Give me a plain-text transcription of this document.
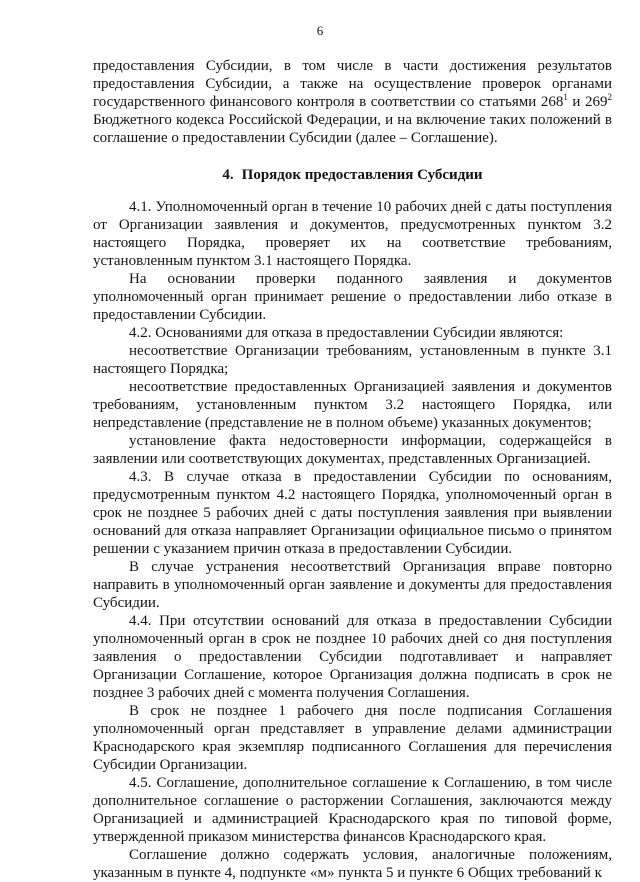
6

предоставления Субсидии, в том числе в части достижения результатов предоставления Субсидии, а также на осуществление проверок органами государственного финансового контроля в соответствии со статьями $268^1$ и $269^2$ Бюджетного кодекса Российской Федерации, и на включение таких положений в соглашение о предоставлении Субсидии (далее – Соглашение).

4. Порядок предоставления Субсидии

4.1. Уполномоченный орган в течение 10 рабочих дней с даты поступления от Организации заявления и документов, предусмотренных пунктом 3.2 настоящего Порядка, проверяет их на соответствие требованиям, установленным пунктом 3.1 настоящего Порядка.

На основании проверки поданного заявления и документов уполномоченный орган принимает решение о предоставлении либо отказе в предоставлении Субсидии.

4.2. Основаниями для отказа в предоставлении Субсидии являются:

несоответствие Организации требованиям, установленным в пункте 3.1 настоящего Порядка;

несоответствие предоставленных Организацией заявления и документов требованиям, установленным пунктом 3.2 настоящего Порядка, или непредставление (представление не в полном объеме) указанных документов;

установление факта недостоверности информации, содержащейся в заявлении или соответствующих документах, представленных Организацией.

4.3. В случае отказа в предоставлении Субсидии по основаниям, предусмотренным пунктом 4.2 настоящего Порядка, уполномоченный орган в срок не позднее 5 рабочих дней с даты поступления заявления при выявлении оснований для отказа направляет Организации официальное письмо о принятом решении с указанием причин отказа в предоставлении Субсидии.

В случае устранения несоответствий Организация вправе повторно направить в уполномоченный орган заявление и документы для предоставления Субсидии.

4.4. При отсутствии оснований для отказа в предоставлении Субсидии уполномоченный орган в срок не позднее 10 рабочих дней со дня поступления заявления о предоставлении Субсидии подготавливает и направляет Организации Соглашение, которое Организация должна подписать в срок не позднее 3 рабочих дней с момента получения Соглашения.

В срок не позднее 1 рабочего дня после подписания Соглашения уполномоченный орган представляет в управление делами администрации Краснодарского края экземпляр подписанного Соглашения для перечисления Субсидии Организации.

4.5. Соглашение, дополнительное соглашение к Соглашению, в том числе дополнительное соглашение о расторжении Соглашения, заключаются между Организацией и администрацией Краснодарского края по типовой форме, утвержденной приказом министерства финансов Краснодарского края.

Соглашение должно содержать условия, аналогичные положениям, указанным в пункте 4, подпункте «м» пункта 5 и пункте 6 Общих требований к
